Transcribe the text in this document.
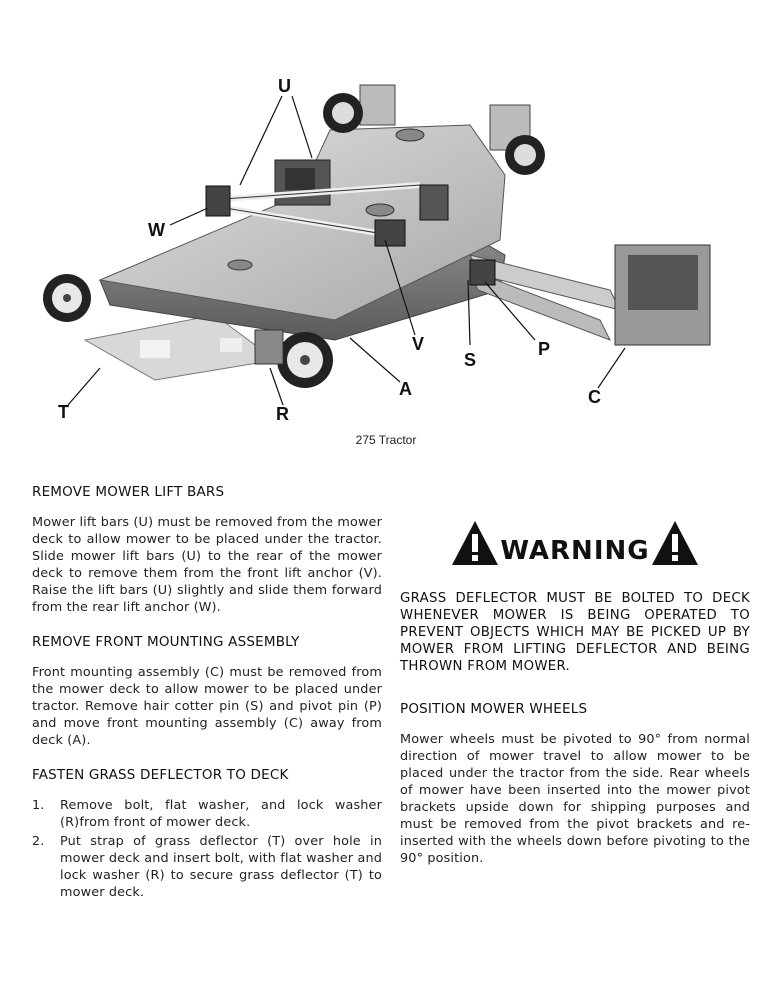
U
W
T	R
A
V
S
P
C
275 Tractor
REMOVE MOWER LIFT BARS

Mower lift bars (U) must be removed from the mower deck to allow mower to be placed under the tractor. Slide mower lift bars (U) to the rear of the mower deck to remove them from the front lift anchor (V). Raise the lift bars (U) slightly and slide them forward from the rear lift anchor (W).

REMOVE FRONT MOUNTING ASSEMBLY

Front mounting assembly (C) must be removed from the mower deck to allow mower to be placed under tractor. Remove hair cotter pin (S) and pivot pin (P) and move front mounting assembly (C) away from deck (A).

FASTEN GRASS DEFLECTOR TO DECK
1. Remove bolt, flat washer, and lock washer (R)from front of mower deck.
2. Put strap of grass deflector (T) over hole in mower deck and insert bolt, with flat washer and lock washer (R) to secure grass deflector (T) to mower deck.
WARNING

GRASS DEFLECTOR MUST BE BOLTED TO DECK WHENEVER MOWER IS BEING OPERATED TO PREVENT OBJECTS WHICH MAY BE PICKED UP BY MOWER FROM LIFTING DEFLECTOR AND BEING THROWN FROM MOWER.

POSITION MOWER WHEELS

Mower wheels must be pivoted to 90° from normal direction of mower travel to allow mower to be placed under the tractor from the side. Rear wheels of mower have been inserted into the mower pivot brackets upside down for shipping purposes and must be removed from the pivot brackets and re-inserted with the wheels down before pivoting to the 90° position.
